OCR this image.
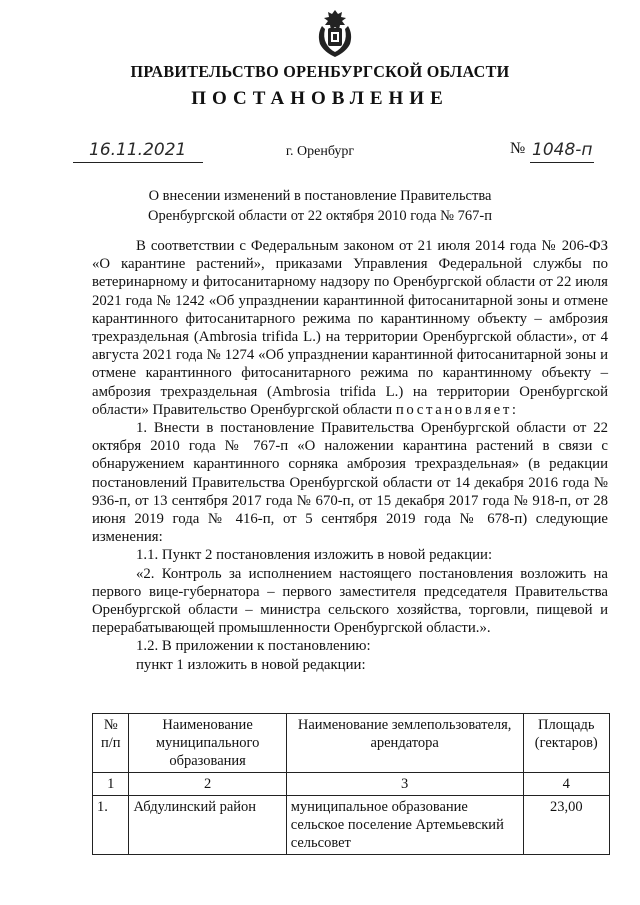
ПРАВИТЕЛЬСТВО ОРЕНБУРГСКОЙ ОБЛАСТИ
ПОСТАНОВЛЕНИЕ
16.11.2021	г. Оренбург	№ 1048-п
О внесении изменений в постановление Правительства
Оренбургской области от 22 октября 2010 года № 767-п

В соответствии с Федеральным законом от 21 июля 2014 года № 206-ФЗ «О карантине растений», приказами Управления Федеральной службы по ветеринарному и фитосанитарному надзору по Оренбургской области от 22 июля 2021 года № 1242 «Об упразднении карантинной фитосанитарной зоны и отмене карантинного фитосанитарного режима по карантинному объекту – амброзия трехраздельная (Ambrosia trifida L.) на территории Оренбургской области», от 4 августа 2021 года № 1274 «Об упразднении карантинной фитосанитарной зоны и отмене карантинного фитосанитарного режима по карантинному объекту – амброзия трехраздельная (Ambrosia trifida L.) на территории Оренбургской области» Правительство Оренбургской области постановляет:

1. Внести в постановление Правительства Оренбургской области от 22 октября 2010 года № 767-п «О наложении карантина растений в связи с обнаружением карантинного сорняка амброзия трехраздельная» (в редакции постановлений Правительства Оренбургской области от 14 декабря 2016 года № 936-п, от 13 сентября 2017 года № 670-п, от 15 декабря 2017 года № 918-п, от 28 июня 2019 года № 416-п, от 5 сентября 2019 года № 678-п) следующие изменения:

1.1. Пункт 2 постановления изложить в новой редакции:

«2. Контроль за исполнением настоящего постановления возложить на первого вице-губернатора – первого заместителя председателя Правительства Оренбургской области – министра сельского хозяйства, торговли, пищевой и перерабатывающей промышленности Оренбургской области.».

1.2. В приложении к постановлению:

пункт 1 изложить в новой редакции:

№ п/п	Наименование муниципального образования	Наименование землепользователя, арендатора	Площадь (гектаров)
1	2	3	4
1.	Абдулинский район	муниципальное образование сельское поселение Артемьевский сельсовет	23,00
